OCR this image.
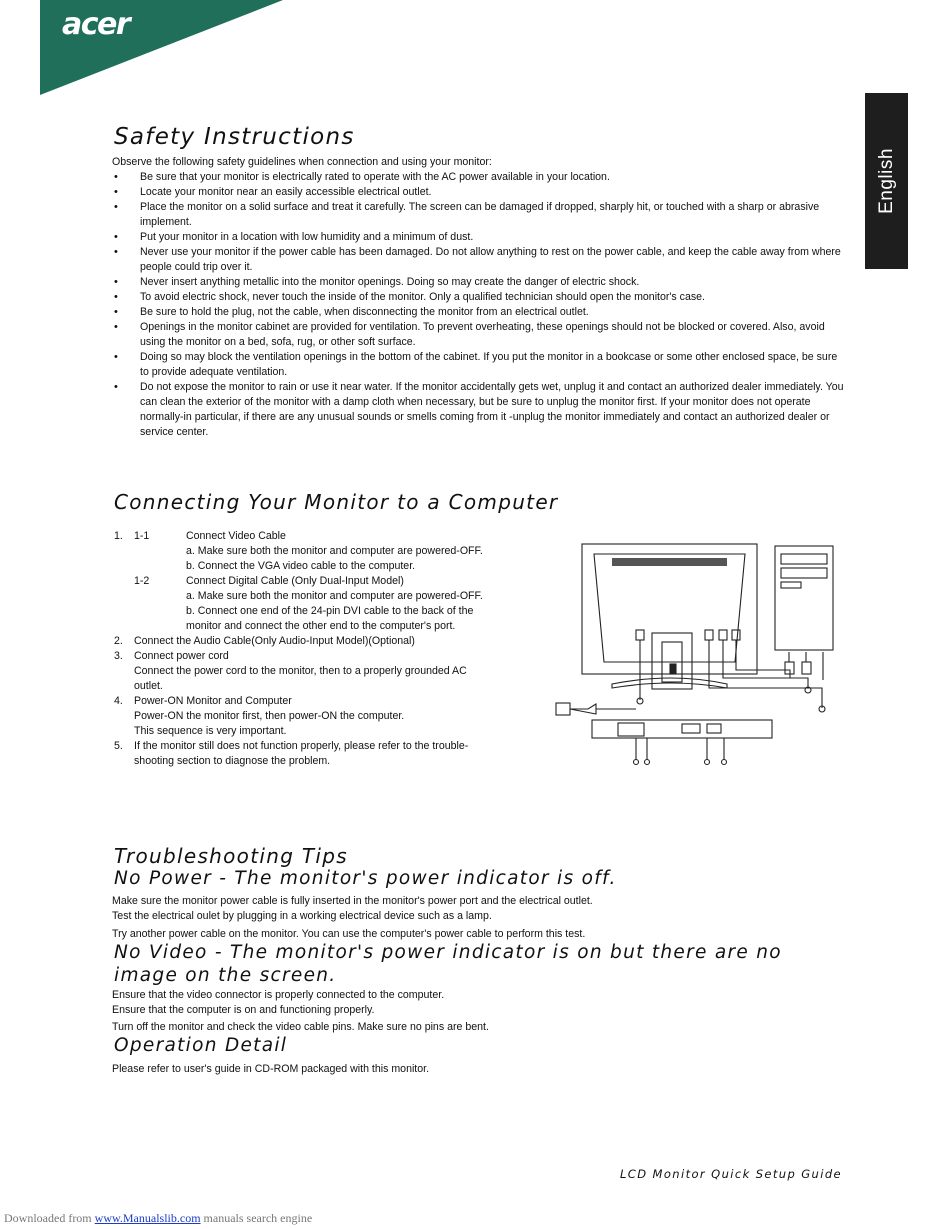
acer
English
Safety Instructions

Observe the following safety guidelines when connection and using your monitor:

• Be sure that your monitor is electrically rated to operate with the AC power available in your location.
• Locate your monitor near an easily accessible electrical outlet.
• Place the monitor on a solid surface and treat it carefully. The screen can be damaged if dropped, sharply hit, or touched with a sharp or abrasive implement.
• Put your monitor in a location with low humidity and a minimum of dust.
• Never use your monitor if the power cable has been damaged. Do not allow anything to rest on the power cable, and keep the cable away from where people could trip over it.
• Never insert anything metallic into the monitor openings. Doing so may create the danger of electric shock.
• To avoid electric shock, never touch the inside of the monitor. Only a qualified technician should open the monitor's case.
• Be sure to hold the plug, not the cable, when disconnecting the monitor from an electrical outlet.
• Openings in the monitor cabinet are provided for ventilation. To prevent overheating, these openings should not be blocked or covered. Also, avoid using the monitor on a bed, sofa, rug, or other soft surface.
• Doing so may block the ventilation openings in the bottom of the cabinet. If you put the monitor in a bookcase or some other enclosed space, be sure to provide adequate ventilation.
• Do not expose the monitor to rain or use it near water. If the monitor accidentally gets wet, unplug it and contact an authorized dealer immediately. You can clean the exterior of the monitor with a damp cloth when necessary, but be sure to unplug the monitor first. If your monitor does not operate normally-in particular, if there are any unusual sounds or smells coming from it -unplug the monitor immediately and contact an authorized dealer or service center.
Connecting Your Monitor to a Computer
1. 1-1	Connect Video Cable
a. Make sure both the monitor and computer are powered-OFF.
b. Connect the VGA video cable to the computer.
1-2	Connect Digital Cable (Only Dual-Input Model)
a. Make sure both the monitor and computer are powered-OFF.
b. Connect one end of the 24-pin DVI cable to the back of the
monitor and connect the other end to the computer's port.
2. Connect the Audio Cable(Only Audio-Input Model)(Optional)
3. Connect power cord
Connect the power cord to the monitor, then to a properly grounded AC
outlet.
4. Power-ON Monitor and Computer
Power-ON the monitor first, then power-ON the computer.
This sequence is very important.
5. If the monitor still does not function properly, please refer to the trouble-
shooting section to diagnose the problem.
Troubleshooting Tips
No Power - The monitor's power indicator is off.

Make sure the monitor power cable is fully inserted in the monitor's power port and the electrical outlet.

Test the electrical oulet by plugging in a working electrical device such as a lamp.

Try another power cable on the monitor. You can use the computer's power cable to perform this test.

No Video - The monitor's power indicator is on but there are no image on the screen.

Ensure that the video connector is properly connected to the computer.

Ensure that the computer is on and functioning properly.

Turn off the monitor and check the video cable pins. Make sure no pins are bent.

Operation Detail

Please refer to user's guide in CD-ROM packaged with this monitor.

LCD Monitor Quick Setup Guide
Downloaded from www.Manualslib.com manuals search engine
